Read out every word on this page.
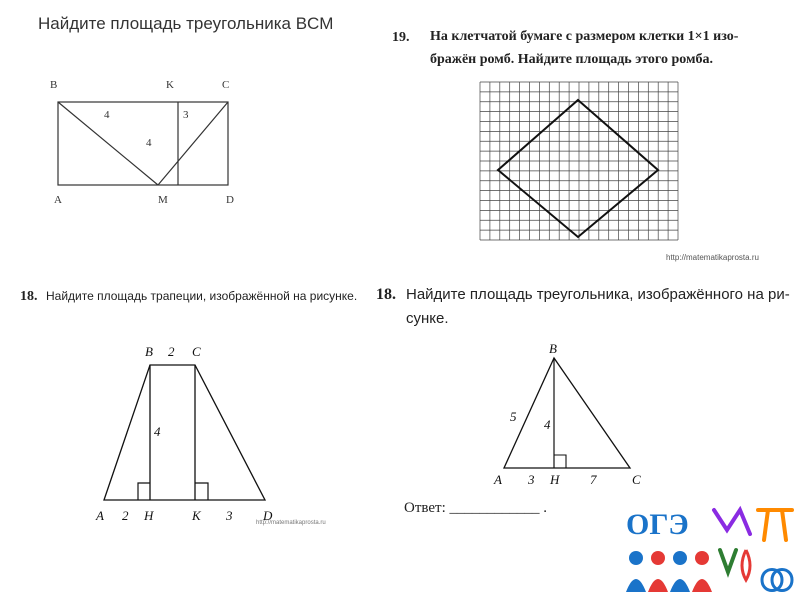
Найдите площадь треугольника BCM
19. На клетчатой бумаге с размером клетки 1×1 изо-
бражён ромб. Найдите площадь этого ромба.
http://matematikaprosta.ru
B	K	C
4	3
4
A	M	D
18. Найдите площадь трапеции, изображённой на рисунке.
B 2 C
4
A 2 H	K 3 D
http://matematikaprosta.ru
18. Найдите площадь треугольника, изображённого на ри-
сунке.
B
5
4
A 3 H 7	C
Ответ: ____________ .	ОГЭ
